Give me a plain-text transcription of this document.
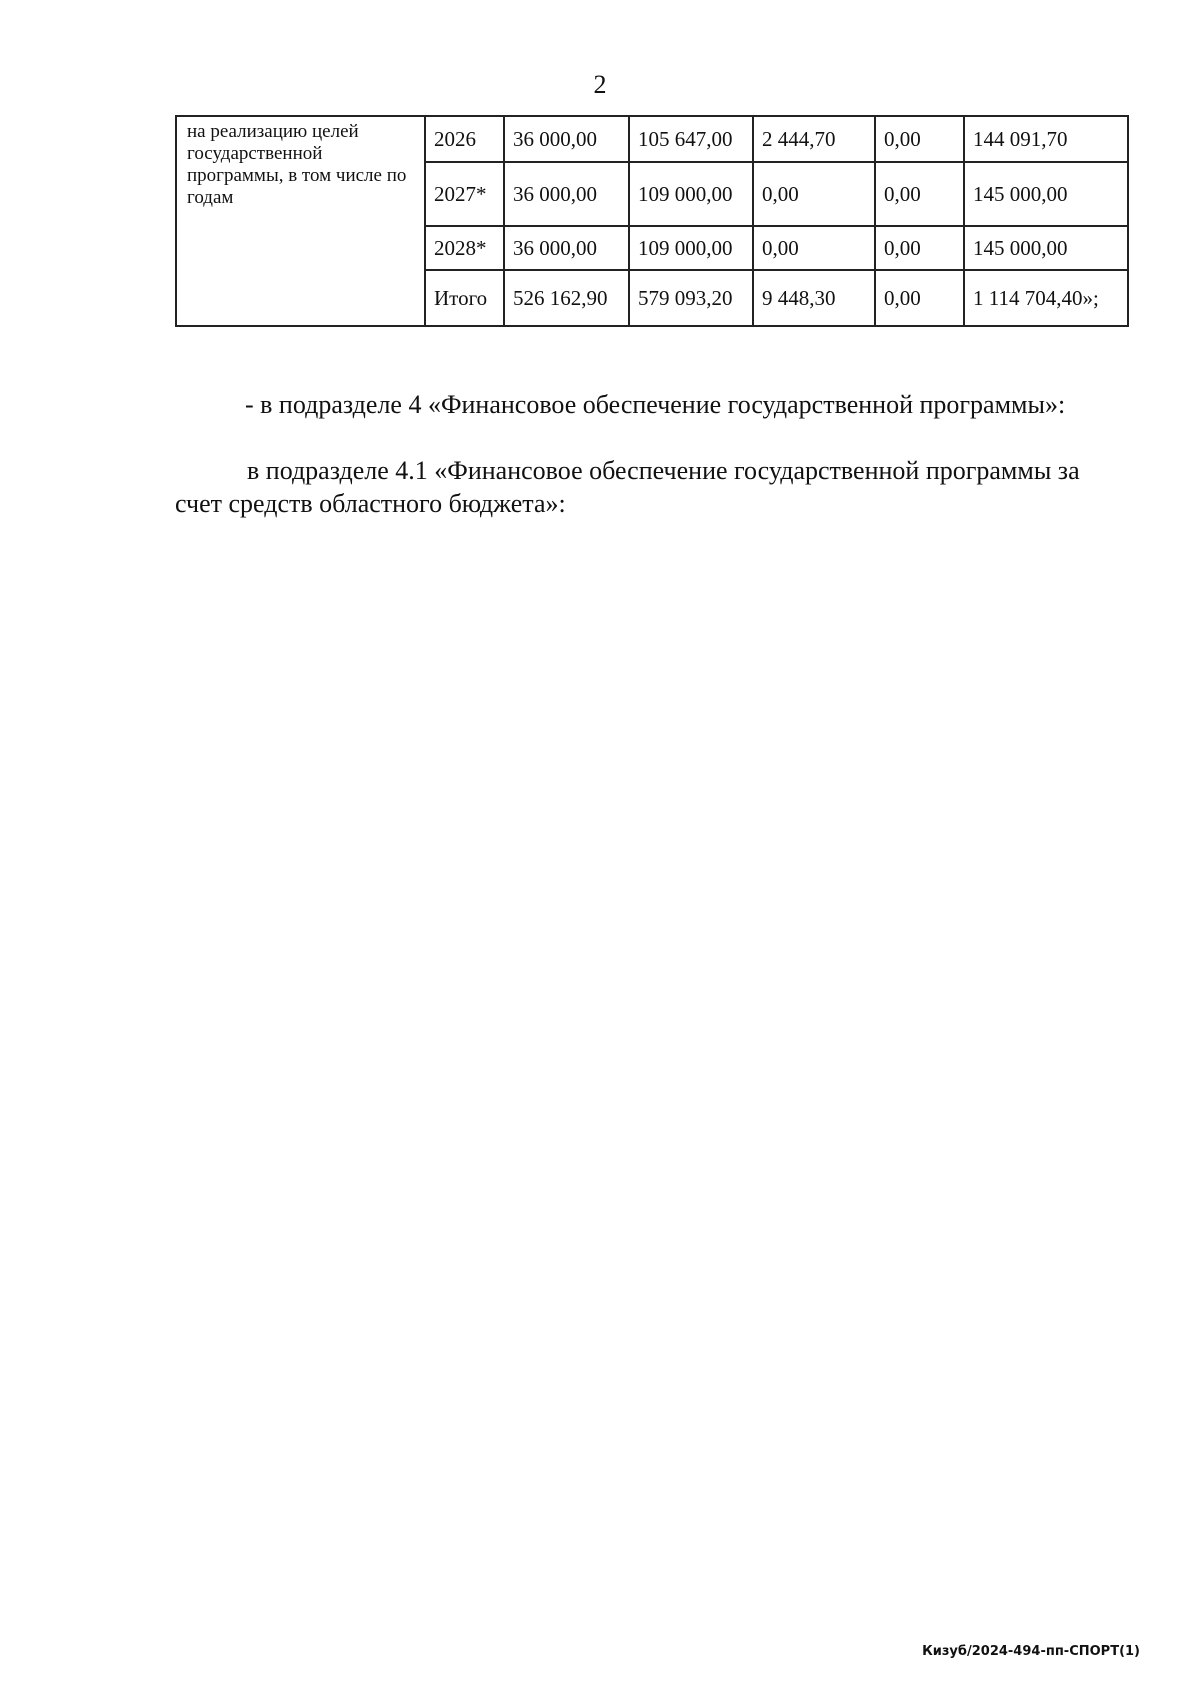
2
на реализацию целей государственной программы, в том числе по годам	2026	36 000,00	105 647,00	2 444,70	0,00	144 091,70
	2027*	36 000,00	109 000,00	0,00	0,00	145 000,00
	2028*	36 000,00	109 000,00	0,00	0,00	145 000,00
	Итого	526 162,90	579 093,20	9 448,30	0,00	1 114 704,40»;

- в подразделе 4 «Финансовое обеспечение государственной программы»:

в подразделе 4.1 «Финансовое обеспечение государственной программы за счет средств областного бюджета»:

Кизуб/2024-494-пп-СПОРТ(1)
